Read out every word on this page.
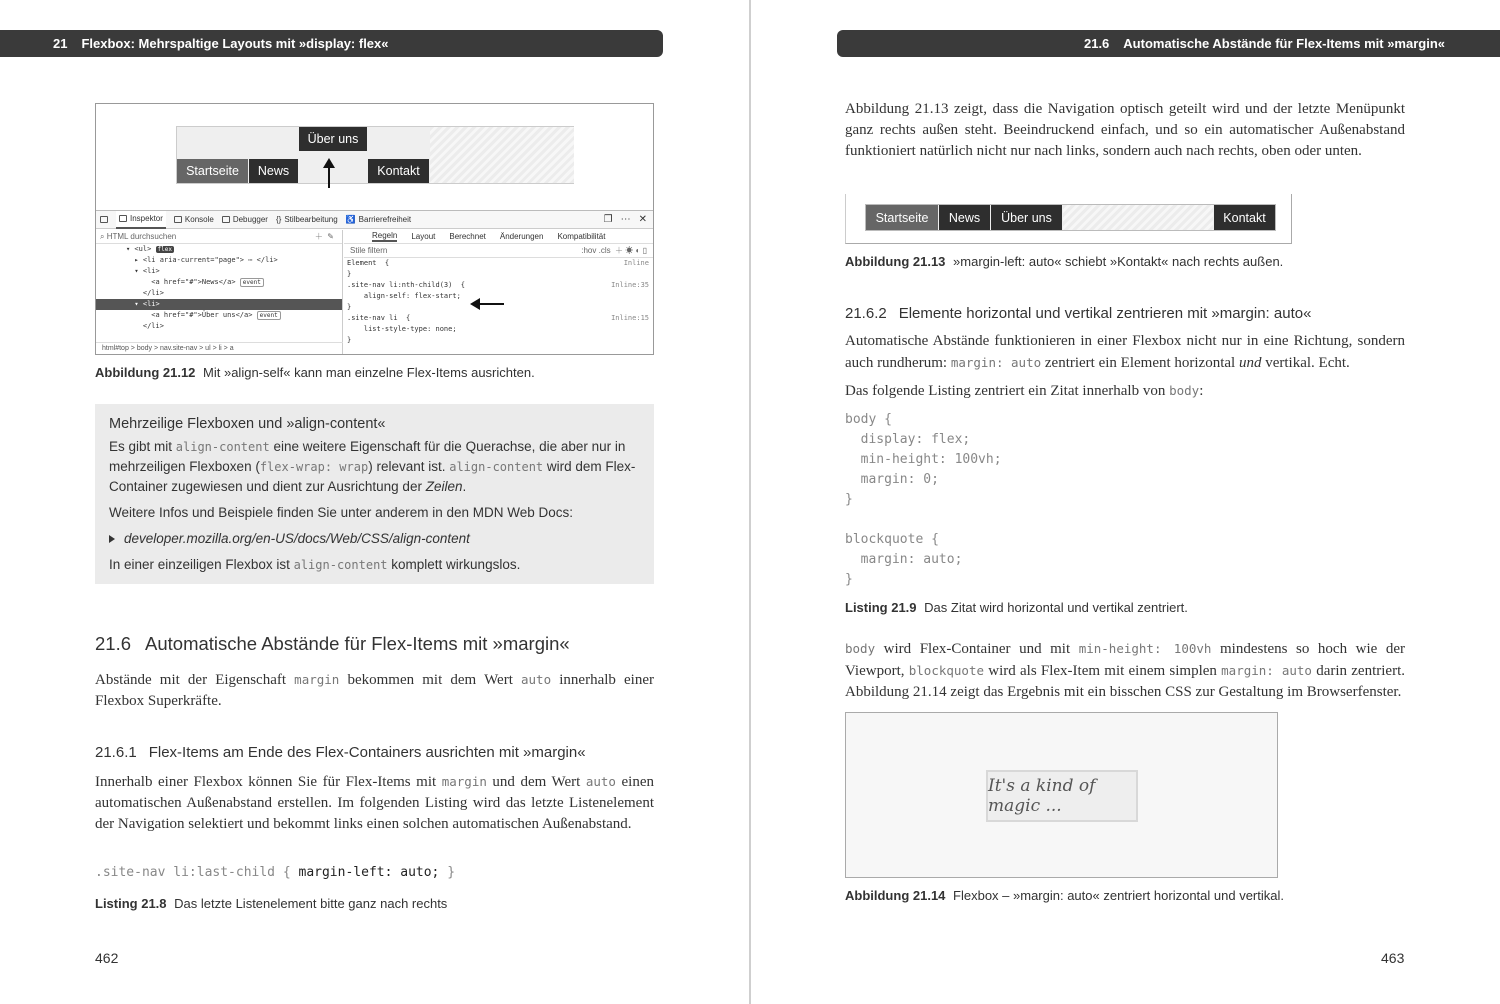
21 Flexbox: Mehrspaltige Layouts mit »display: flex«
Startseite	News
Über uns
Kontakt
Inspektor	Konsole Debugger {} Stilbearbeitung ♿ Barrierefreiheit	❐ ⋯ ✕
⌕ HTML durchsuchen	＋ ✎
▾ <ul> flex
▸ <li aria-current="page"> ⋯ </li>
▾ <li>
<a href="#">News</a> event
</li>
▾ <li>
<a href="#">Über uns</a> event
</li>
html#top > body > nav.site-nav > ul > li > a
Regeln Layout Berechnet Änderungen Kompatibilität
Stile filtern	:hov .cls ＋ ☀ ◐ ▯
Element  {	Inline
}
.site-nav li:nth-child(3)  {	Inline:35
align-self: flex-start;
}
.site-nav li  {	Inline:15
list-style-type: none;
}
Abbildung 21.12 Mit »align-self« kann man einzelne Flex-Items ausrichten.
Mehrzeilige Flexboxen und »align-content«

Es gibt mit align-content eine weitere Eigenschaft für die Querachse, die aber nur in mehrzeiligen Flexboxen (flex-wrap: wrap) relevant ist. align-content wird dem Flex-Container zugewiesen und dient zur Ausrichtung der Zeilen.

Weitere Infos und Beispiele finden Sie unter anderem in den MDN Web Docs:

developer.mozilla.org/en-US/docs/Web/CSS/align-content

In einer einzeiligen Flexbox ist align-content komplett wirkungslos.

21.6 Automatische Abstände für Flex-Items mit »margin«
Abstände mit der Eigenschaft margin bekommen mit dem Wert auto innerhalb einer Flexbox Superkräfte.
21.6.1 Flex-Items am Ende des Flex-Containers ausrichten mit »margin«
Innerhalb einer Flexbox können Sie für Flex-Items mit margin und dem Wert auto einen automatischen Außenabstand erstellen. Im folgenden Listing wird das letzte Listenelement der Navigation selektiert und bekommt links einen solchen automatischen Außenabstand.
.site-nav li:last-child { margin-left: auto; }
Listing 21.8 Das letzte Listenelement bitte ganz nach rechts
462
21.6 Automatische Abstände für Flex-Items mit »margin«
Abbildung 21.13 zeigt, dass die Navigation optisch geteilt wird und der letzte Menüpunkt ganz rechts außen steht. Beeindruckend einfach, und so ein automatischer Außenabstand funktioniert natürlich nicht nur nach links, sondern auch nach rechts, oben oder unten.
Startseite	News	Über uns	Kontakt
Abbildung 21.13 »margin-left: auto« schiebt »Kontakt« nach rechts außen.
21.6.2 Elemente horizontal und vertikal zentrieren mit »margin: auto«
Automatische Abstände funktionieren in einer Flexbox nicht nur in eine Richtung, sondern auch rundherum: margin: auto zentriert ein Element horizontal und vertikal. Echt.
Das folgende Listing zentriert ein Zitat innerhalb von body:
body {
display: flex;
min-height: 100vh;
margin: 0;
}

blockquote {
margin: auto;
}
Listing 21.9 Das Zitat wird horizontal und vertikal zentriert.
body wird Flex-Container und mit min-height: 100vh mindestens so hoch wie der Viewport, blockquote wird als Flex-Item mit einem simplen margin: auto darin zentriert. Abbildung 21.14 zeigt das Ergebnis mit ein bisschen CSS zur Gestaltung im Browserfenster.
It's a kind of magic ...
Abbildung 21.14 Flexbox – »margin: auto« zentriert horizontal und vertikal.
463
